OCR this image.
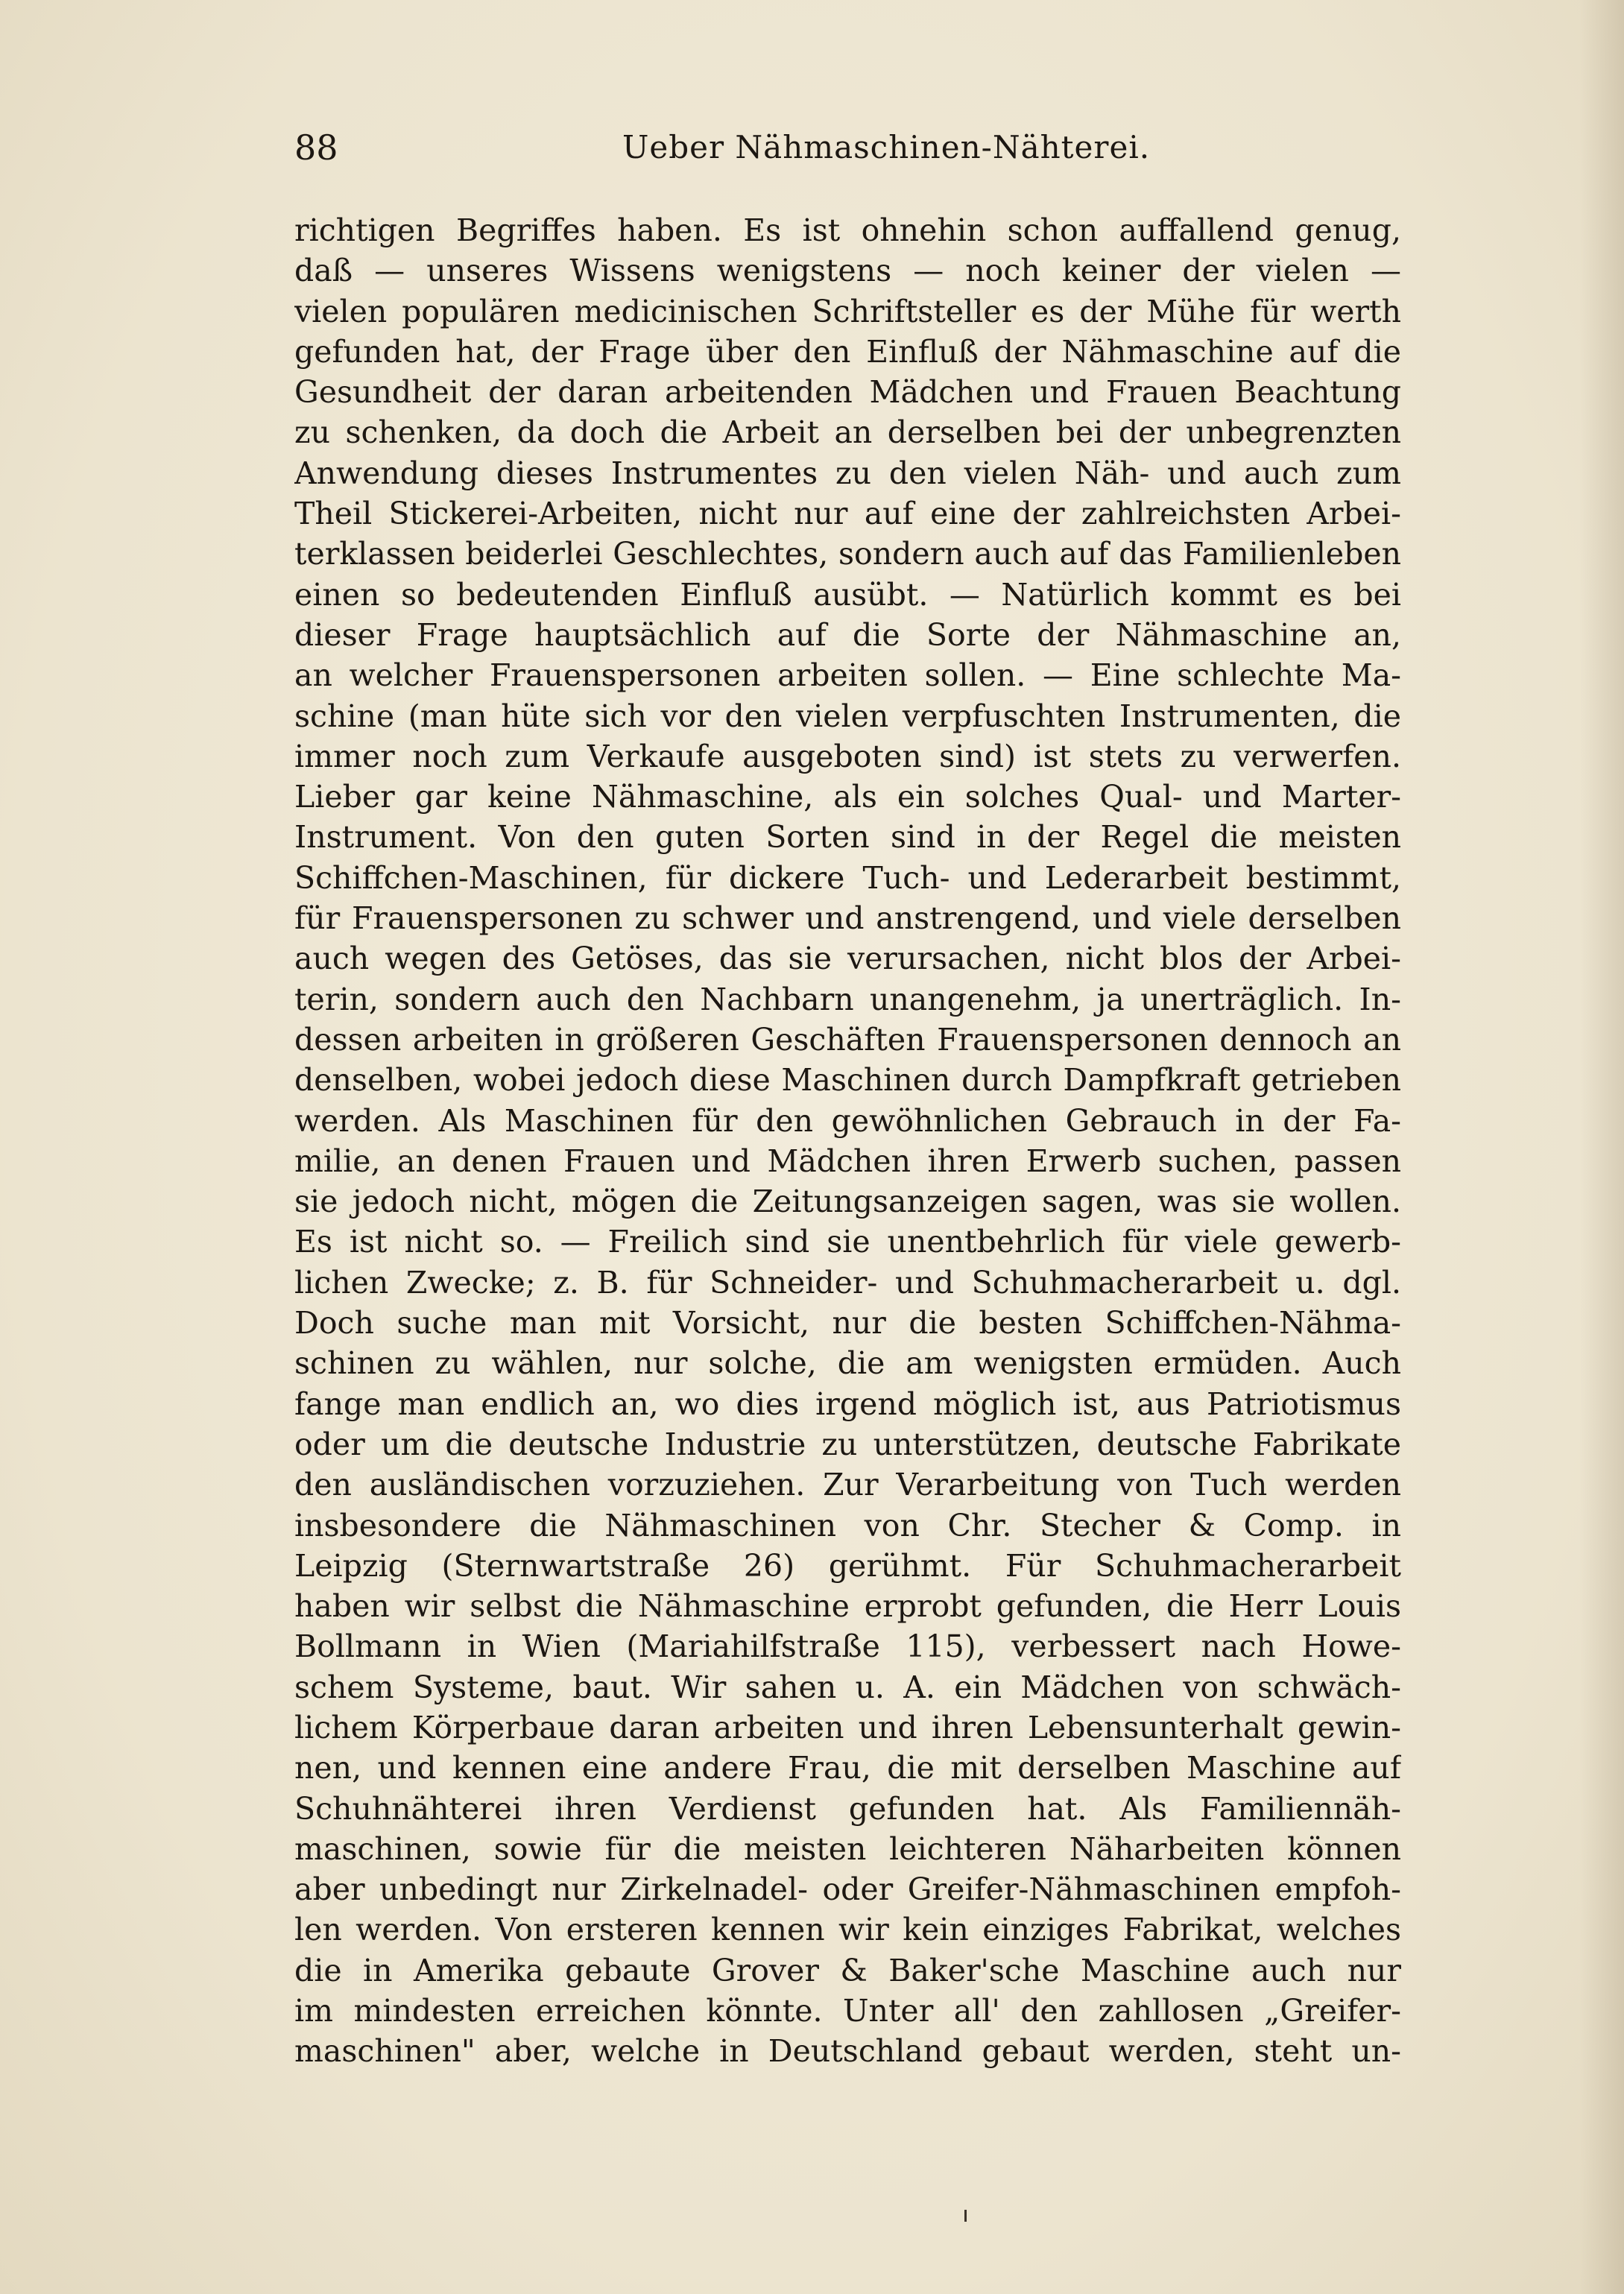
88	Ueber Nähmaschinen-Nähterei.
richtigen Begriffes haben. Es ist ohnehin schon auffallend genug,
daß — unseres Wissens wenigstens — noch keiner der vielen —
vielen populären medicinischen Schriftsteller es der Mühe für werth
gefunden hat, der Frage über den Einfluß der Nähmaschine auf die
Gesundheit der daran arbeitenden Mädchen und Frauen Beachtung
zu schenken, da doch die Arbeit an derselben bei der unbegrenzten
Anwendung dieses Instrumentes zu den vielen Näh- und auch zum
Theil Stickerei-Arbeiten, nicht nur auf eine der zahlreichsten Arbei-
terklassen beiderlei Geschlechtes, sondern auch auf das Familienleben
einen so bedeutenden Einfluß ausübt. — Natürlich kommt es bei
dieser Frage hauptsächlich auf die Sorte der Nähmaschine an,
an welcher Frauenspersonen arbeiten sollen. — Eine schlechte Ma-
schine (man hüte sich vor den vielen verpfuschten Instrumenten, die
immer noch zum Verkaufe ausgeboten sind) ist stets zu verwerfen.
Lieber gar keine Nähmaschine, als ein solches Qual- und Marter-
Instrument. Von den guten Sorten sind in der Regel die meisten
Schiffchen-Maschinen, für dickere Tuch- und Lederarbeit bestimmt,
für Frauenspersonen zu schwer und anstrengend, und viele derselben
auch wegen des Getöses, das sie verursachen, nicht blos der Arbei-
terin, sondern auch den Nachbarn unangenehm, ja unerträglich. In-
dessen arbeiten in größeren Geschäften Frauenspersonen dennoch an
denselben, wobei jedoch diese Maschinen durch Dampfkraft getrieben
werden. Als Maschinen für den gewöhnlichen Gebrauch in der Fa-
milie, an denen Frauen und Mädchen ihren Erwerb suchen, passen
sie jedoch nicht, mögen die Zeitungsanzeigen sagen, was sie wollen.
Es ist nicht so. — Freilich sind sie unentbehrlich für viele gewerb-
lichen Zwecke; z. B. für Schneider- und Schuhmacherarbeit u. dgl.
Doch suche man mit Vorsicht, nur die besten Schiffchen-Nähma-
schinen zu wählen, nur solche, die am wenigsten ermüden. Auch
fange man endlich an, wo dies irgend möglich ist, aus Patriotismus
oder um die deutsche Industrie zu unterstützen, deutsche Fabrikate
den ausländischen vorzuziehen. Zur Verarbeitung von Tuch werden
insbesondere die Nähmaschinen von Chr. Stecher & Comp. in
Leipzig (Sternwartstraße 26) gerühmt. Für Schuhmacherarbeit
haben wir selbst die Nähmaschine erprobt gefunden, die Herr Louis
Bollmann in Wien (Mariahilfstraße 115), verbessert nach Howe-
schem Systeme, baut. Wir sahen u. A. ein Mädchen von schwäch-
lichem Körperbaue daran arbeiten und ihren Lebensunterhalt gewin-
nen, und kennen eine andere Frau, die mit derselben Maschine auf
Schuhnähterei ihren Verdienst gefunden hat. Als Familiennäh-
maschinen, sowie für die meisten leichteren Näharbeiten können
aber unbedingt nur Zirkelnadel- oder Greifer-Nähmaschinen empfoh-
len werden. Von ersteren kennen wir kein einziges Fabrikat, welches
die in Amerika gebaute Grover & Baker'sche Maschine auch nur
im mindesten erreichen könnte. Unter all' den zahllosen „Greifer-
maschinen" aber, welche in Deutschland gebaut werden, steht un-
